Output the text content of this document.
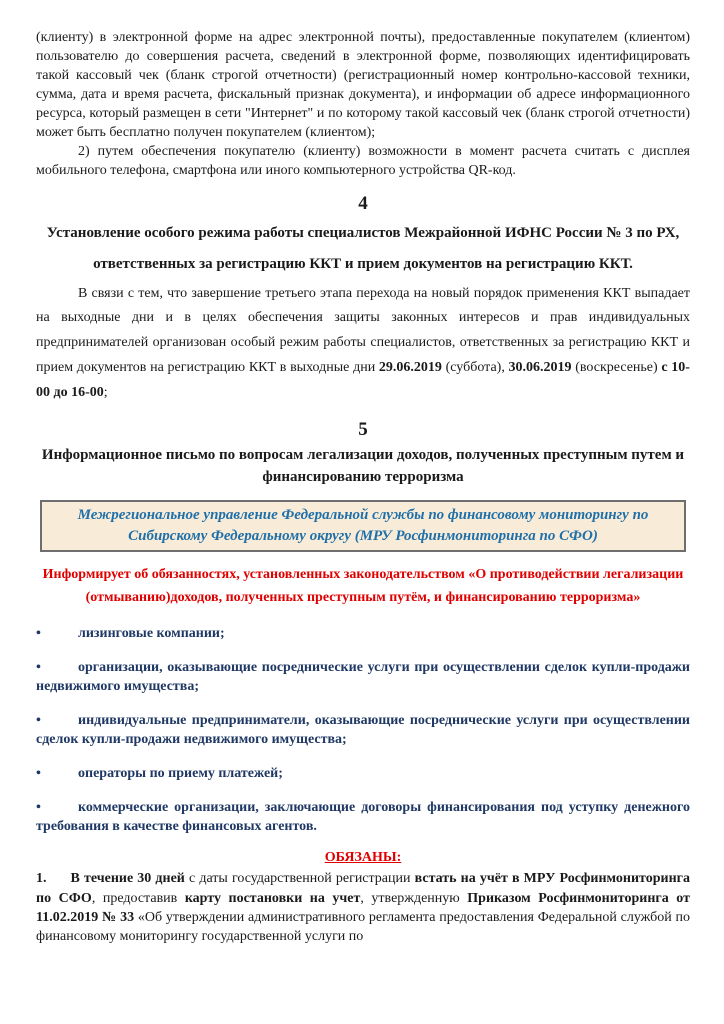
(клиенту) в электронной форме на адрес электронной почты), предоставленные покупателем (клиентом) пользователю до совершения расчета, сведений в электронной форме, позволяющих идентифицировать такой кассовый чек (бланк строгой отчетности) (регистрационный номер контрольно-кассовой техники, сумма, дата и время расчета, фискальный признак документа), и информации об адресе информационного ресурса, который размещен в сети "Интернет" и по которому такой кассовый чек (бланк строгой отчетности) может быть бесплатно получен покупателем (клиентом);

2) путем обеспечения покупателю (клиенту) возможности в момент расчета считать с дисплея мобильного телефона, смартфона или иного компьютерного устройства QR-код.

4
Установление особого режима работы специалистов Межрайонной ИФНС России № 3 по РХ, ответственных за регистрацию ККТ и прием документов на регистрацию ККТ.

В связи с тем, что завершение третьего этапа перехода на новый порядок применения ККТ выпадает на выходные дни и в целях обеспечения защиты законных интересов и прав индивидуальных предпринимателей организован особый режим работы специалистов, ответственных за регистрацию ККТ и прием документов на регистрацию ККТ в выходные дни 29.06.2019 (суббота), 30.06.2019 (воскресенье) с 10-00 до 16-00;

5
Информационное письмо по вопросам легализации доходов, полученных преступным путем и финансированию терроризма
Межрегиональное управление Федеральной службы по финансовому мониторингу по Сибирскому Федеральному округу (МРУ Росфинмониторинга по СФО)
Информирует об обязанностях, установленных законодательством «О противодействии легализации (отмыванию)доходов, полученных преступным путём, и финансированию терроризма»
•	лизинговые компании;
•	организации, оказывающие посреднические услуги при осуществлении сделок купли-продажи недвижимого имущества;
•	индивидуальные предприниматели, оказывающие посреднические услуги при осуществлении сделок купли-продажи недвижимого имущества;
•	операторы по приему платежей;
•	коммерческие организации, заключающие договоры финансирования под уступку денежного требования в качестве финансовых агентов.
ОБЯЗАНЫ:

1. В течение 30 дней с даты государственной регистрации встать на учёт в МРУ Росфинмониторинга по СФО, предоставив карту постановки на учет, утвержденную Приказом Росфинмониторинга от 11.02.2019 № 33 «Об утверждении административного регламента предоставления Федеральной службой по финансовому мониторингу государственной услуги по
